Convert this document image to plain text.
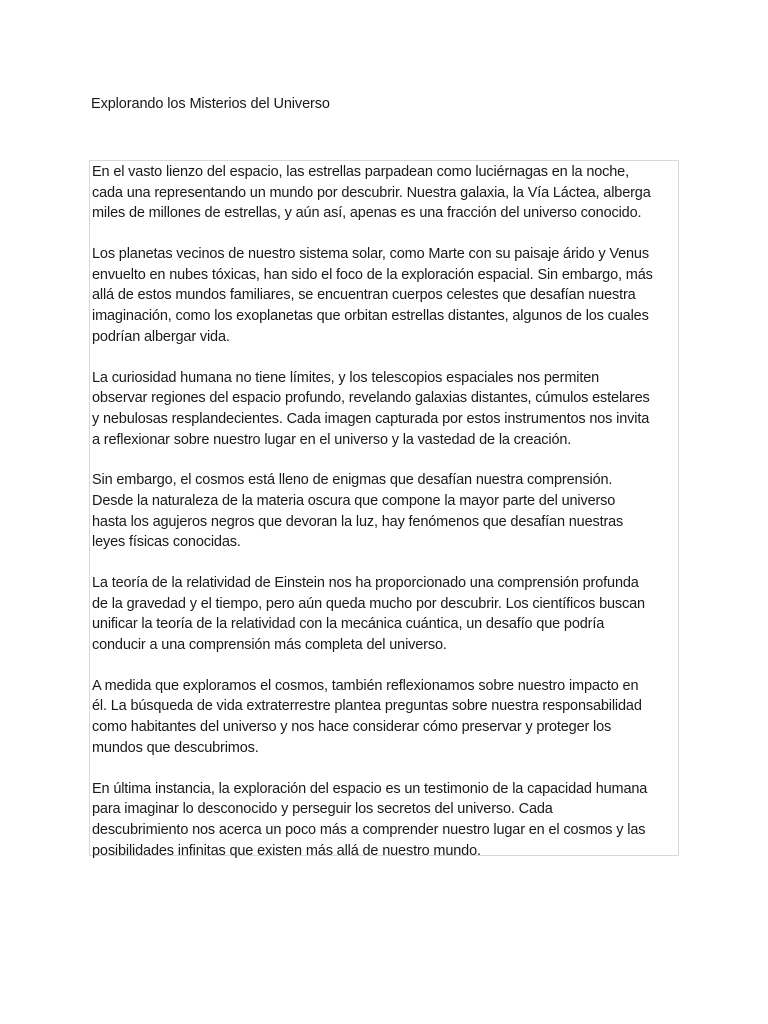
Explorando los Misterios del Universo

En el vasto lienzo del espacio, las estrellas parpadean como luciérnagas en la noche,
cada una representando un mundo por descubrir. Nuestra galaxia, la Vía Láctea, alberga
miles de millones de estrellas, y aún así, apenas es una fracción del universo conocido.

Los planetas vecinos de nuestro sistema solar, como Marte con su paisaje árido y Venus
envuelto en nubes tóxicas, han sido el foco de la exploración espacial. Sin embargo, más
allá de estos mundos familiares, se encuentran cuerpos celestes que desafían nuestra
imaginación, como los exoplanetas que orbitan estrellas distantes, algunos de los cuales
podrían albergar vida.

La curiosidad humana no tiene límites, y los telescopios espaciales nos permiten
observar regiones del espacio profundo, revelando galaxias distantes, cúmulos estelares
y nebulosas resplandecientes. Cada imagen capturada por estos instrumentos nos invita
a reflexionar sobre nuestro lugar en el universo y la vastedad de la creación.

Sin embargo, el cosmos está lleno de enigmas que desafían nuestra comprensión.
Desde la naturaleza de la materia oscura que compone la mayor parte del universo
hasta los agujeros negros que devoran la luz, hay fenómenos que desafían nuestras
leyes físicas conocidas.

La teoría de la relatividad de Einstein nos ha proporcionado una comprensión profunda
de la gravedad y el tiempo, pero aún queda mucho por descubrir. Los científicos buscan
unificar la teoría de la relatividad con la mecánica cuántica, un desafío que podría
conducir a una comprensión más completa del universo.

A medida que exploramos el cosmos, también reflexionamos sobre nuestro impacto en
él. La búsqueda de vida extraterrestre plantea preguntas sobre nuestra responsabilidad
como habitantes del universo y nos hace considerar cómo preservar y proteger los
mundos que descubrimos.

En última instancia, la exploración del espacio es un testimonio de la capacidad humana
para imaginar lo desconocido y perseguir los secretos del universo. Cada
descubrimiento nos acerca un poco más a comprender nuestro lugar en el cosmos y las
posibilidades infinitas que existen más allá de nuestro mundo.
